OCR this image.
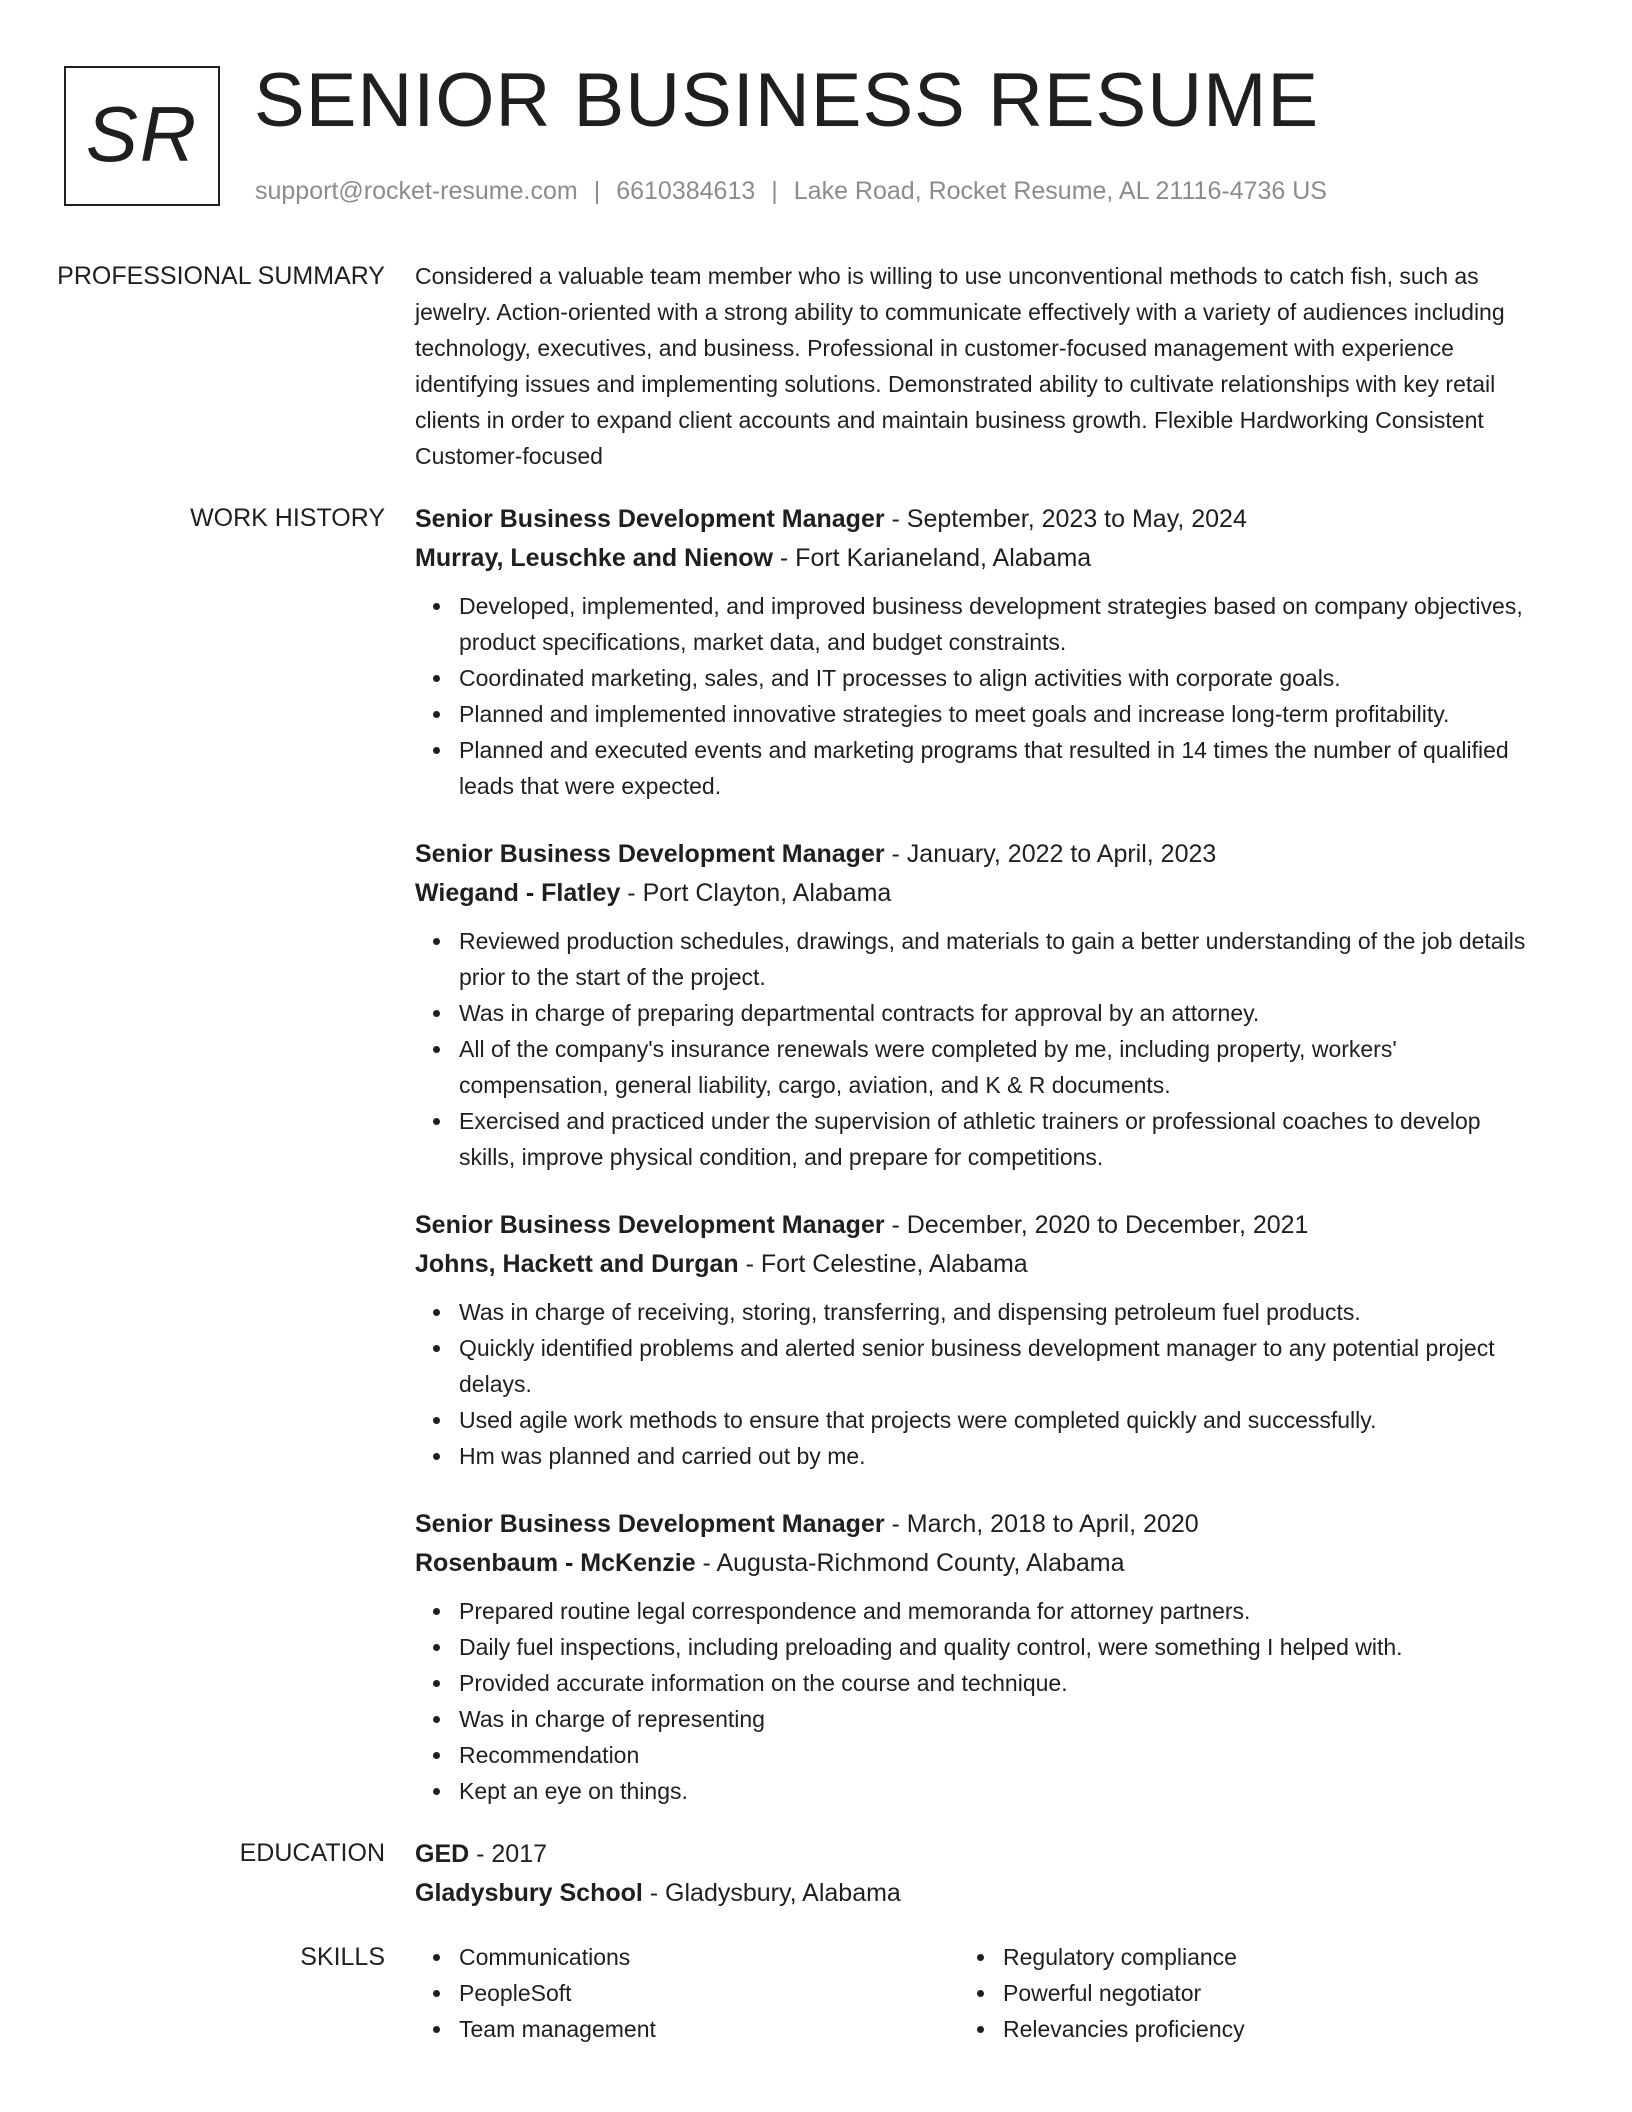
SR SENIOR BUSINESS RESUME
support@rocket-resume.com | 6610384613 | Lake Road, Rocket Resume, AL 21116-4736 US
PROFESSIONAL SUMMARY	Considered a valuable team member who is willing to use unconventional methods to catch fish, such as jewelry. Action-oriented with a strong ability to communicate effectively with a variety of audiences including technology, executives, and business. Professional in customer-focused management with experience identifying issues and implementing solutions. Demonstrated ability to cultivate relationships with key retail clients in order to expand client accounts and maintain business growth. Flexible Hardworking Consistent Customer-focused

WORK HISTORY	Senior Business Development Manager - September, 2023 to May, 2024
Murray, Leuschke and Nienow - Fort Karianeland, Alabama
Developed, implemented, and improved business development strategies based on company objectives, product specifications, market data, and budget constraints.
Coordinated marketing, sales, and IT processes to align activities with corporate goals.
Planned and implemented innovative strategies to meet goals and increase long-term profitability.
Planned and executed events and marketing programs that resulted in 14 times the number of qualified leads that were expected.
Senior Business Development Manager - January, 2022 to April, 2023
Wiegand - Flatley - Port Clayton, Alabama
Reviewed production schedules, drawings, and materials to gain a better understanding of the job details prior to the start of the project.
Was in charge of preparing departmental contracts for approval by an attorney.
All of the company's insurance renewals were completed by me, including property, workers' compensation, general liability, cargo, aviation, and K & R documents.
Exercised and practiced under the supervision of athletic trainers or professional coaches to develop skills, improve physical condition, and prepare for competitions.
Senior Business Development Manager - December, 2020 to December, 2021
Johns, Hackett and Durgan - Fort Celestine, Alabama
Was in charge of receiving, storing, transferring, and dispensing petroleum fuel products.
Quickly identified problems and alerted senior business development manager to any potential project delays.
Used agile work methods to ensure that projects were completed quickly and successfully.
Hm was planned and carried out by me.
Senior Business Development Manager - March, 2018 to April, 2020
Rosenbaum - McKenzie - Augusta-Richmond County, Alabama
Prepared routine legal correspondence and memoranda for attorney partners.
Daily fuel inspections, including preloading and quality control, were something I helped with.
Provided accurate information on the course and technique.
Was in charge of representing
Recommendation
Kept an eye on things.
EDUCATION	GED - 2017
Gladysbury School - Gladysbury, Alabama
SKILLS	Communications
PeopleSoft
Team management
Regulatory compliance
Powerful negotiator
Relevancies proficiency
